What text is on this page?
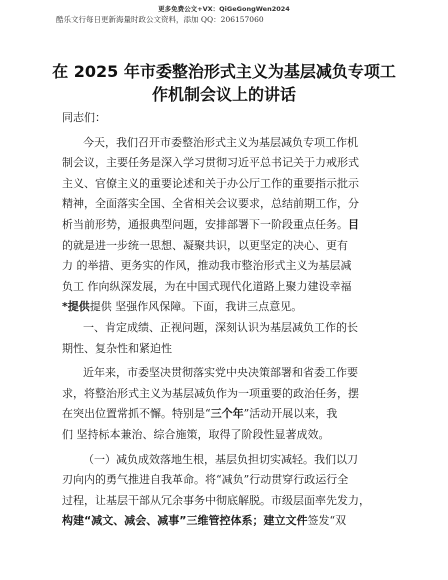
更多免费公文+VX：QiGeGongWen2024
酷乐文行每日更新海量时政公文资料，添加 QQ：206157060
在 2025 年市委整治形式主义为基层减负专项工
作机制会议上的讲话
同志们：
今天，我们召开市委整治形式主义为基层减负专项工作机
制会议，主要任务是深入学习贯彻习近平总书记关于力戒形式
主义、官僚主义的重要论述和关于办公厅工作的重要指示批示
精神，全面落实全国、全省相关会议要求，总结前期工作，分
析当前形势，通报典型问题，安排部署下一阶段重点任务。目
的就是进一步统一思想、凝聚共识，以更坚定的决心、更有
力 的举措、更务实的作风，推动我市整治形式主义为基层减
负工 作向纵深发展，为在中国式现代化道路上聚力建设幸福
*提供提供 坚强作风保障。下面，我讲三点意见。
一、肯定成绩、正视问题，深刻认识为基层减负工作的长
期性、复杂性和紧迫性
近年来，市委坚决贯彻落实党中央决策部署和省委工作要
求，将整治形式主义为基层减负作为一项重要的政治任务，摆
在突出位置常抓不懈。特别是“三个年”活动开展以来，我
们 坚持标本兼治、综合施策，取得了阶段性显著成效。
（一）减负成效落地生根，基层负担切实减轻。我们以刀
刃向内的勇气推进自我革命。将“减负”行动贯穿行政运行全
过程，让基层干部从冗余事务中彻底解脱。市级层面率先发力，
构建“减文、减会、减事”三维管控体系；建立文件签发“双
